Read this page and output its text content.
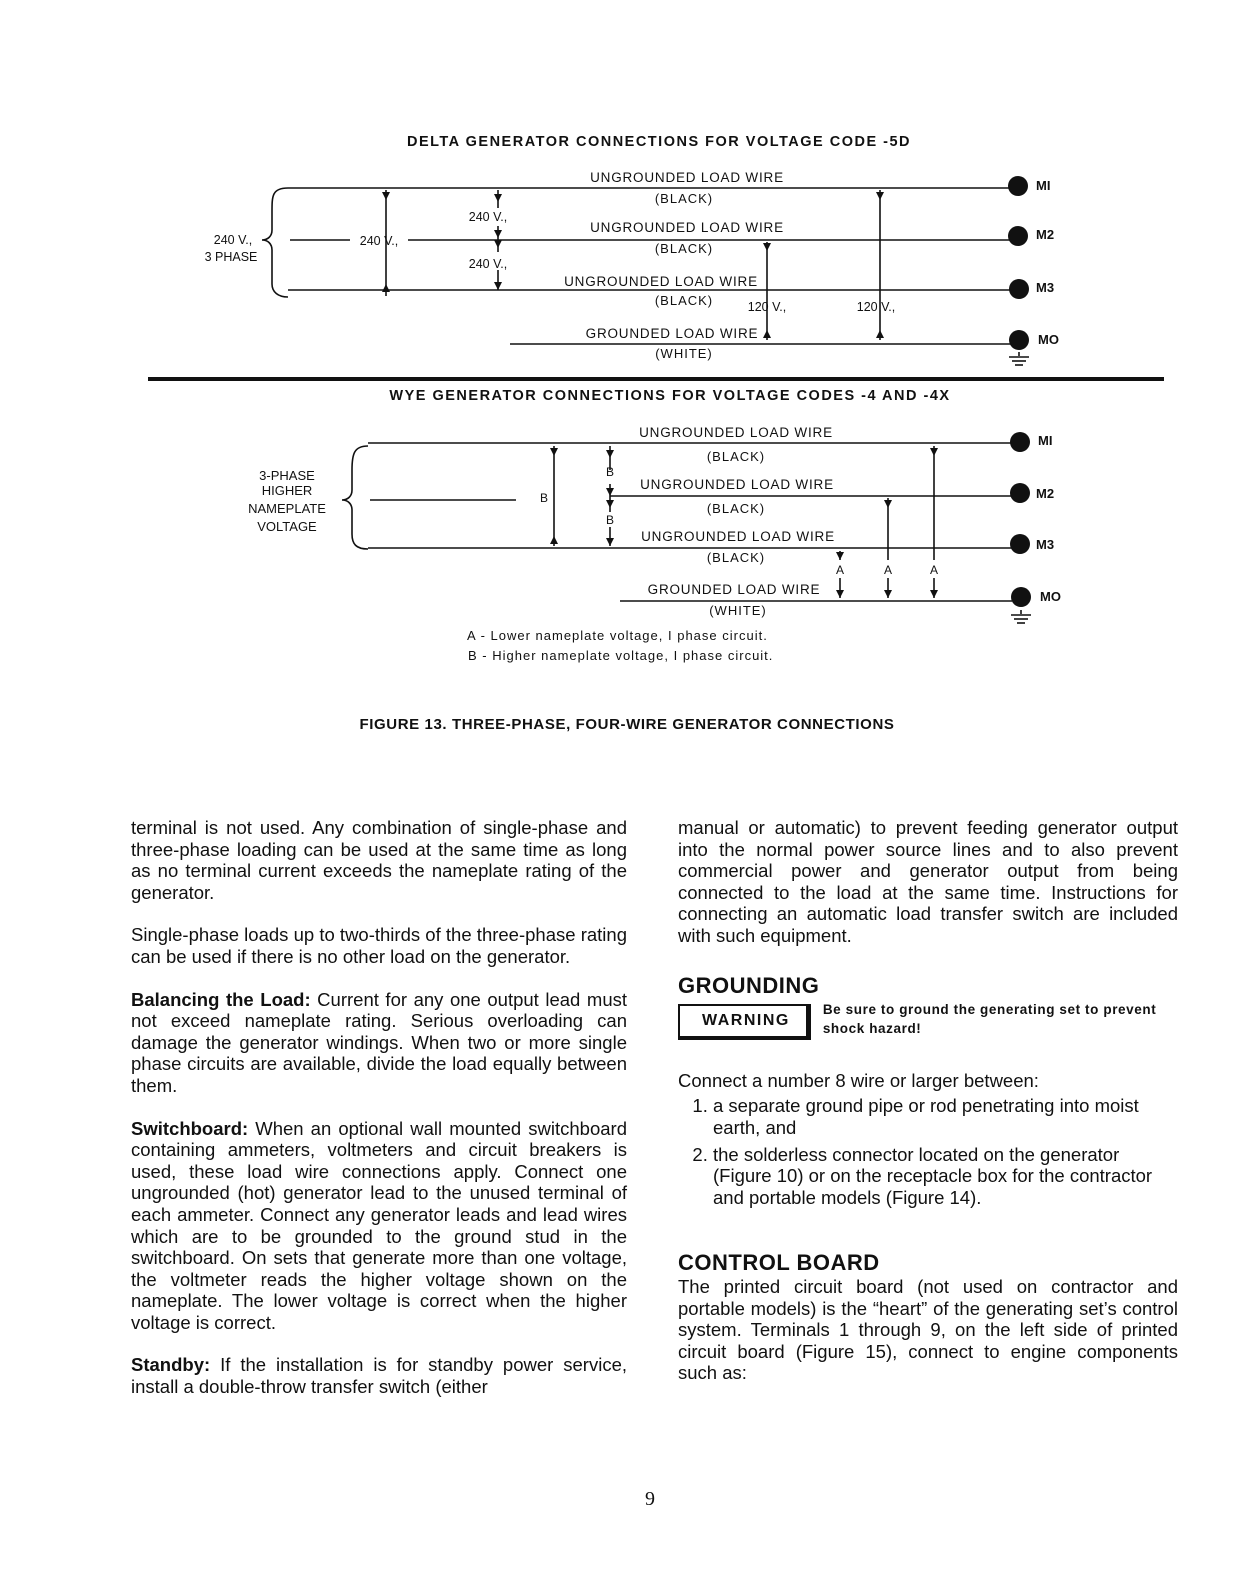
DELTA GENERATOR CONNECTIONS FOR VOLTAGE CODE -5D
UNGROUNDED LOAD WIRE
(BLACK)
UNGROUNDED LOAD WIRE
(BLACK)
UNGROUNDED LOAD WIRE
(BLACK)
GROUNDED LOAD WIRE
(WHITE)
240 V.,
3 PHASE
240 V.,
240 V.,
240 V.,
120 V.,	120 V.,
MI
M2
M3
MO
WYE GENERATOR CONNECTIONS FOR VOLTAGE CODES -4 AND -4X
UNGROUNDED LOAD WIRE
(BLACK)
UNGROUNDED LOAD WIRE
(BLACK)
UNGROUNDED LOAD WIRE
(BLACK)
GROUNDED LOAD WIRE
(WHITE)
3-PHASE
HIGHER
NAMEPLATE
VOLTAGE
B
B
B
A	A	A
MI
M2
M3
MO
A - Lower nameplate voltage, I phase circuit.
B - Higher nameplate voltage, I phase circuit.
FIGURE 13. THREE-PHASE, FOUR-WIRE GENERATOR CONNECTIONS

terminal is not used. Any combination of single-phase and three-phase loading can be used at the same time as long as no terminal current exceeds the nameplate rating of the generator.

Single-phase loads up to two-thirds of the three-phase rating can be used if there is no other load on the generator.

Balancing the Load: Current for any one output lead must not exceed nameplate rating. Serious overloading can damage the generator windings. When two or more single phase circuits are available, divide the load equally between them.

Switchboard: When an optional wall mounted switchboard containing ammeters, voltmeters and circuit breakers is used, these load wire connections apply. Connect one ungrounded (hot) generator lead to the unused terminal of each ammeter. Connect any generator leads and lead wires which are to be grounded to the ground stud in the switchboard. On sets that generate more than one voltage, the voltmeter reads the higher voltage shown on the nameplate. The lower voltage is correct when the higher voltage is correct.

Standby: If the installation is for standby power service, install a double-throw transfer switch (either

manual or automatic) to prevent feeding generator output into the normal power source lines and to also prevent commercial power and generator output from being connected to the load at the same time. Instructions for connecting an automatic load transfer switch are included with such equipment.

GROUNDING
WARNING
Be sure to ground the generating set to prevent shock hazard!

Connect a number 8 wire or larger between:

1. a separate ground pipe or rod penetrating into moist earth, and
2. the solderless connector located on the generator (Figure 10) or on the receptacle box for the contractor and portable models (Figure 14).
CONTROL BOARD

The printed circuit board (not used on contractor and portable models) is the “heart” of the generating set’s control system. Terminals 1 through 9, on the left side of printed circuit board (Figure 15), connect to engine components such as:

9
